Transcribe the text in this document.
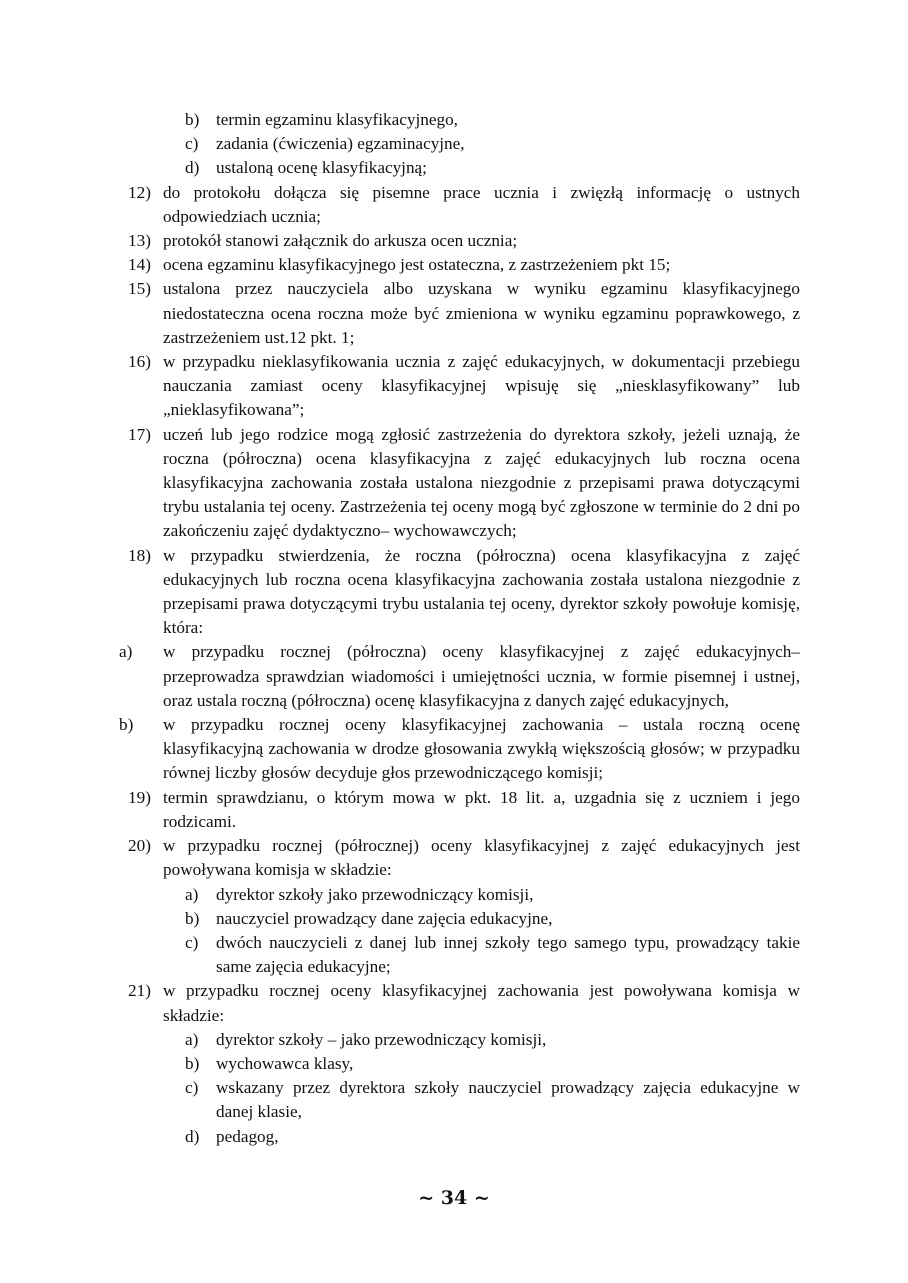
b) termin egzaminu klasyfikacyjnego,
c) zadania (ćwiczenia) egzaminacyjne,
d) ustaloną ocenę klasyfikacyjną;
12) do protokołu dołącza się pisemne prace ucznia i zwięzłą informację o ustnych odpowiedziach ucznia;
13) protokół stanowi załącznik do arkusza ocen ucznia;
14) ocena egzaminu klasyfikacyjnego jest ostateczna, z zastrzeżeniem pkt 15;
15) ustalona przez nauczyciela albo uzyskana w wyniku egzaminu klasyfikacyjnego niedostateczna ocena roczna może być zmieniona w wyniku egzaminu poprawkowego, z zastrzeżeniem ust.12 pkt. 1;
16) w przypadku nieklasyfikowania ucznia z zajęć edukacyjnych, w dokumentacji przebiegu nauczania zamiast oceny klasyfikacyjnej wpisuję się „niesklasyfikowany” lub „nieklasyfikowana”;
17) uczeń lub jego rodzice mogą zgłosić zastrzeżenia do dyrektora szkoły, jeżeli uznają, że roczna (półroczna) ocena klasyfikacyjna z zajęć edukacyjnych lub roczna ocena klasyfikacyjna zachowania została ustalona niezgodnie z przepisami prawa dotyczącymi trybu ustalania tej oceny. Zastrzeżenia tej oceny mogą być zgłoszone w terminie do 2 dni po zakończeniu zajęć dydaktyczno– wychowawczych;
18) w przypadku stwierdzenia, że roczna (półroczna) ocena klasyfikacyjna z zajęć edukacyjnych lub roczna ocena klasyfikacyjna zachowania została ustalona niezgodnie z przepisami prawa dotyczącymi trybu ustalania tej oceny, dyrektor szkoły powołuje komisję, która:
a) w przypadku rocznej (półroczna) oceny klasyfikacyjnej z zajęć edukacyjnych– przeprowadza sprawdzian wiadomości i umiejętności ucznia, w formie pisemnej i ustnej, oraz ustala roczną (półroczna) ocenę klasyfikacyjna z danych zajęć edukacyjnych,
b) w przypadku rocznej oceny klasyfikacyjnej zachowania – ustala roczną ocenę klasyfikacyjną zachowania w drodze głosowania zwykłą większością głosów; w przypadku równej liczby głosów decyduje głos przewodniczącego komisji;
19) termin sprawdzianu, o którym mowa w pkt. 18 lit. a, uzgadnia się z uczniem i jego rodzicami.
20) w przypadku rocznej (półrocznej) oceny klasyfikacyjnej z zajęć edukacyjnych jest powoływana komisja w składzie:
a) dyrektor szkoły jako przewodniczący komisji,
b) nauczyciel prowadzący dane zajęcia edukacyjne,
c) dwóch nauczycieli z danej lub innej szkoły tego samego typu, prowadzący takie same zajęcia edukacyjne;
21) w przypadku rocznej oceny klasyfikacyjnej zachowania jest powoływana komisja w składzie:
a) dyrektor szkoły – jako przewodniczący komisji,
b) wychowawca klasy,
c) wskazany przez dyrektora szkoły nauczyciel prowadzący zajęcia edukacyjne w danej klasie,
d) pedagog,
~ 34 ~
